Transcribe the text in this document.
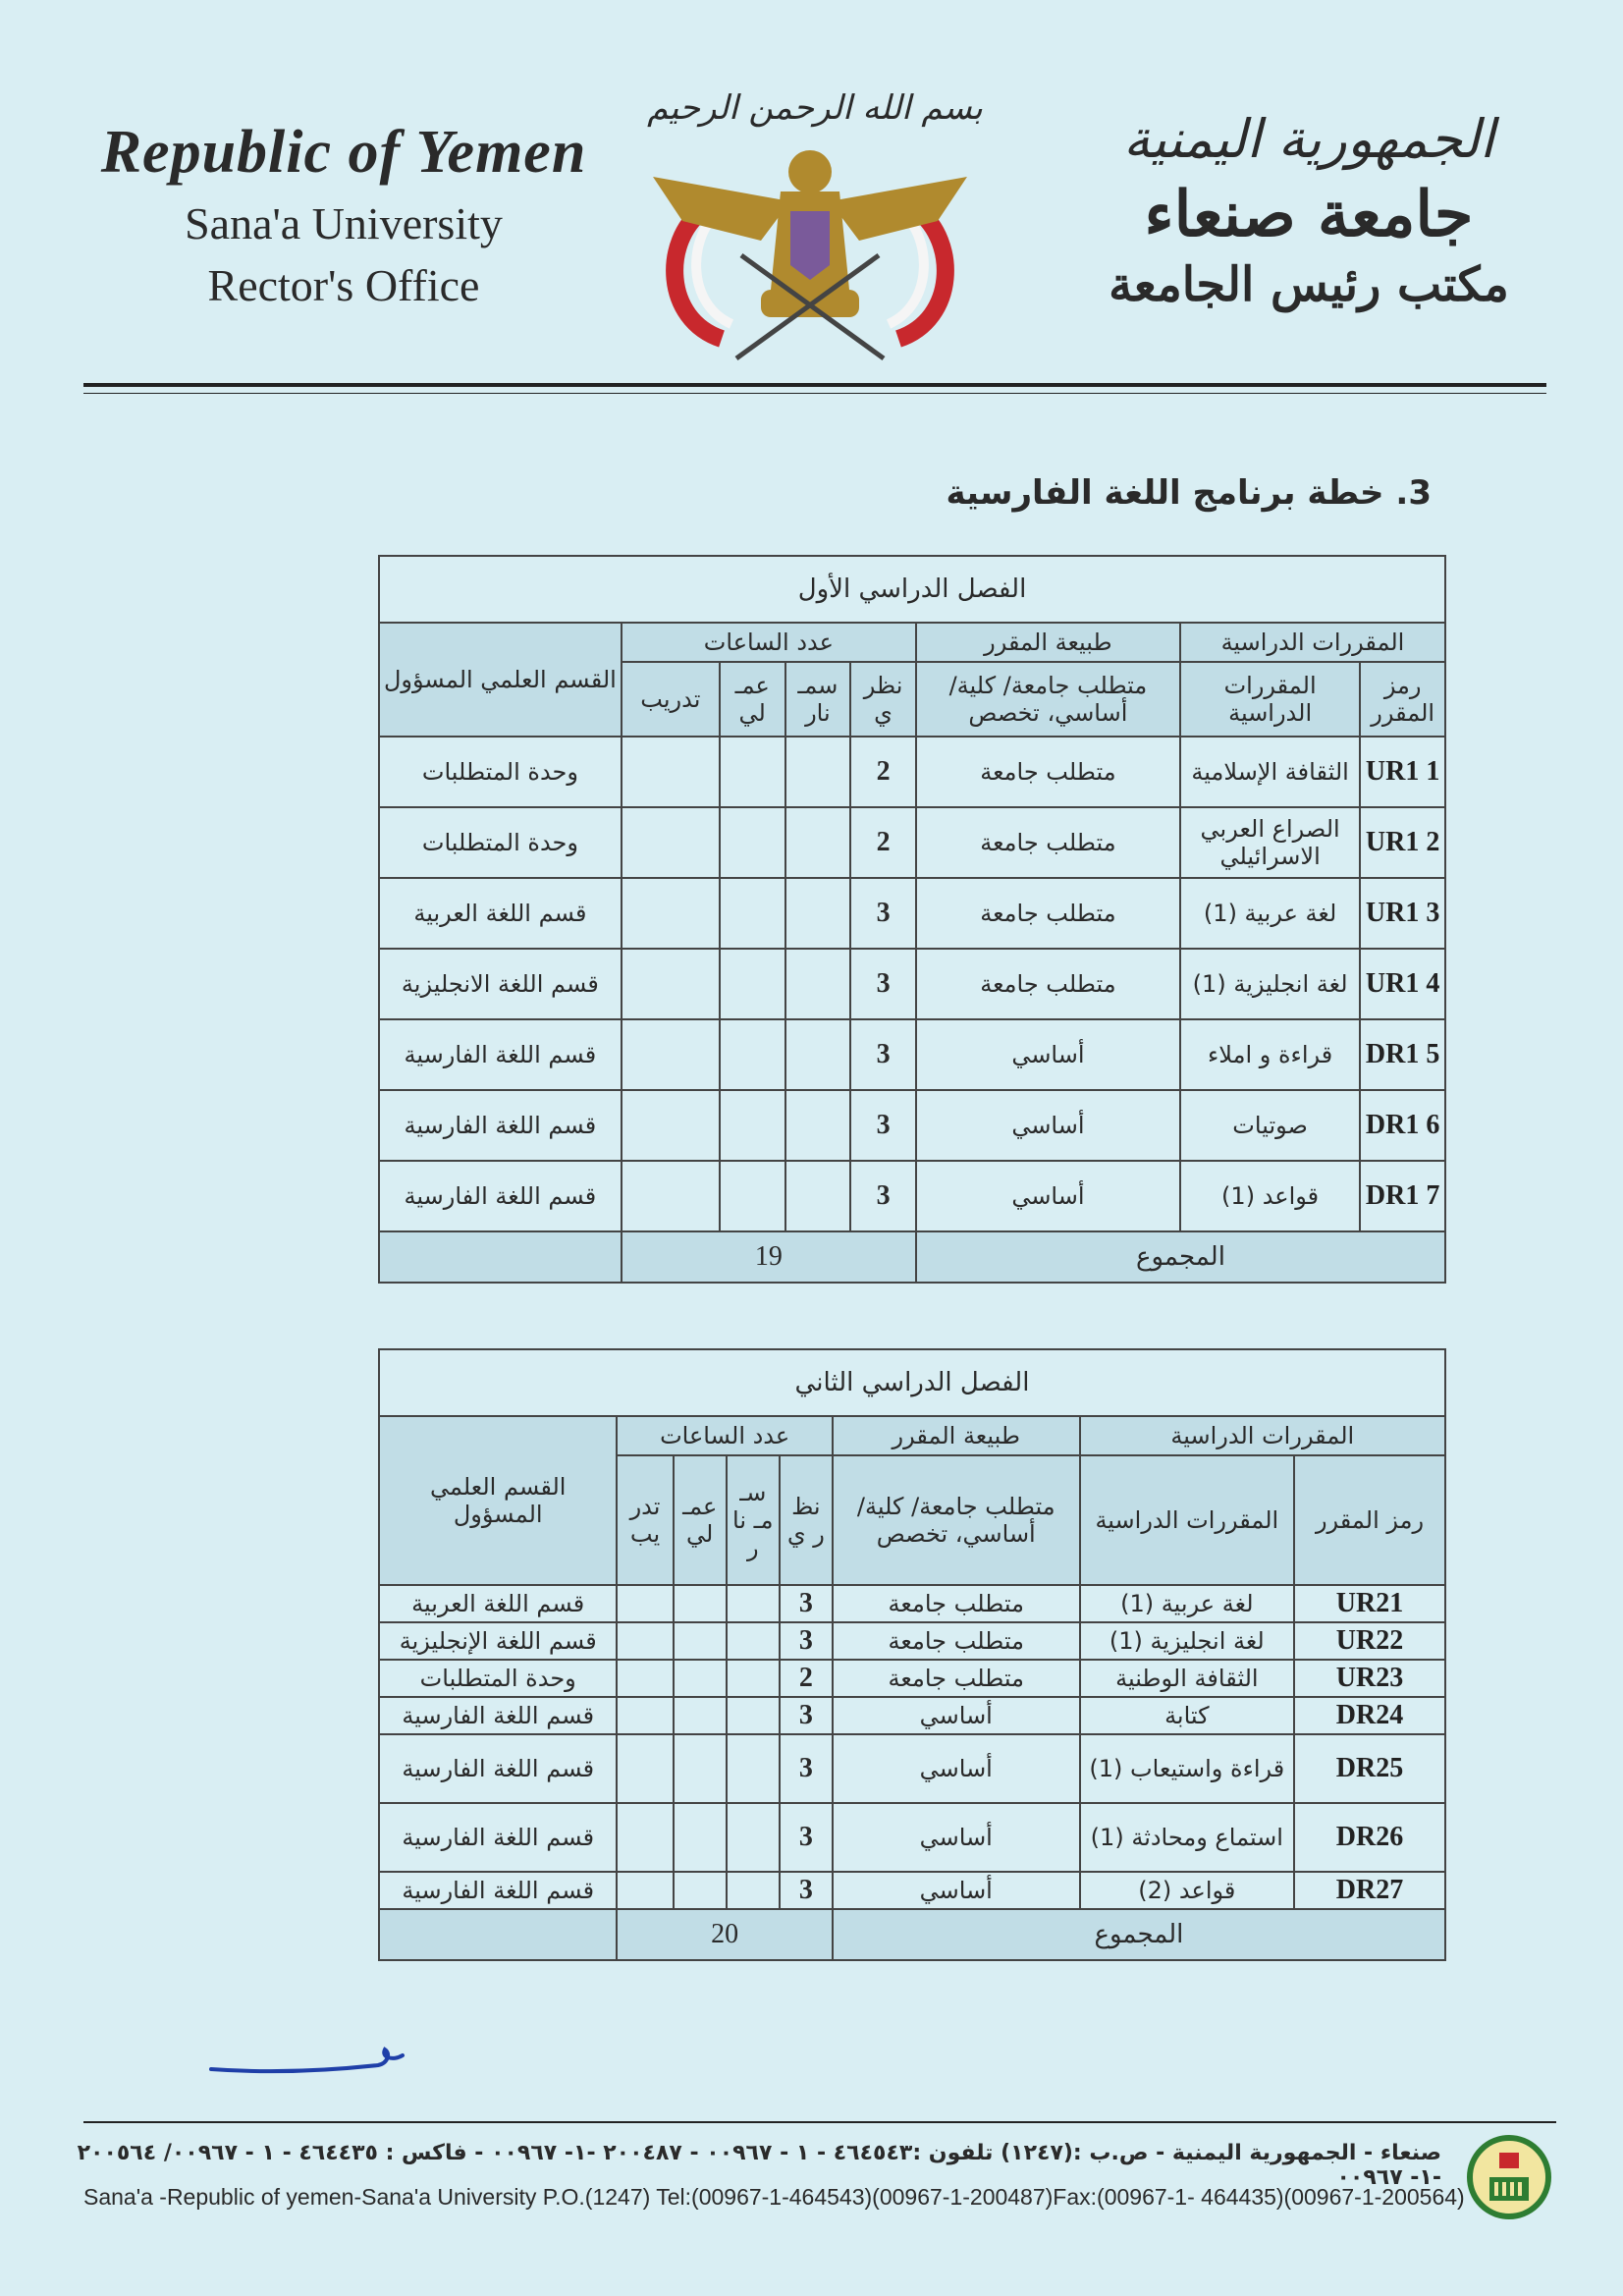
Republic of Yemen
Sana'a University
Rector's Office
بسم الله الرحمن الرحيم	الجمهورية اليمنية
جامعة صنعاء
مكتب رئيس الجامعة
3. خطة برنامج اللغة الفارسية
الفصل الدراسي الأول							
المقررات الدراسية		طبيعة المقرر	عدد الساعات				القسم العلمي المسؤول
رمز المقرر	المقررات الدراسية	متطلب جامعة/ كلية/ أساسي، تخصص	نظر ي	سمـ نار	عمـ لي	تدريب	
UR1 1	الثقافة الإسلامية	متطلب جامعة	2				وحدة المتطلبات
UR1 2	الصراع العربي الاسرائيلي	متطلب جامعة	2				وحدة المتطلبات
UR1 3	لغة عربية (1)	متطلب جامعة	3				قسم اللغة العربية
UR1 4	لغة انجليزية (1)	متطلب جامعة	3				قسم اللغة الانجليزية
DR1 5	قراءة و املاء	أساسي	3				قسم اللغة الفارسية
DR1 6	صوتيات	أساسي	3				قسم اللغة الفارسية
DR1 7	قواعد (1)	أساسي	3				قسم اللغة الفارسية
المجموع			19				
الفصل الدراسي الثاني							
المقررات الدراسية		طبيعة المقرر	عدد الساعات				القسم العلمي المسؤول
رمز المقرر	المقررات الدراسية	متطلب جامعة/ كلية/ أساسي، تخصص	نظ ر ي	سـ مـ نا ر	عمـ لي	تدر يب	
UR21	لغة عربية (1)	متطلب جامعة	3				قسم اللغة العربية
UR22	لغة انجليزية (1)	متطلب جامعة	3				قسم اللغة الإنجليزية
UR23	الثقافة الوطنية	متطلب جامعة	2				وحدة المتطلبات
DR24	كتابة	أساسي	3				قسم اللغة الفارسية
DR25	قراءة واستيعاب (1)	أساسي	3				قسم اللغة الفارسية
DR26	استماع ومحادثة (1)	أساسي	3				قسم اللغة الفارسية
DR27	قواعد (2)	أساسي	3				قسم اللغة الفارسية
المجموع			20				
صنعاء - الجمهورية اليمنية - ص.ب :(١٢٤٧) تلفون :٤٦٤٥٤٣ - ١ - ٠٠٩٦٧ - ٢٠٠٤٨٧ -١- ٠٠٩٦٧ - فاكس : ٤٦٤٤٣٥ - ١ - ٠٠٩٦٧/ ٢٠٠٥٦٤ -١- ٠٠٩٦٧
Sana'a -Republic of yemen-Sana'a University P.O.(1247) Tel:(00967-1-464543)(00967-1-200487)Fax:(00967-1- 464435)(00967-1-200564)
